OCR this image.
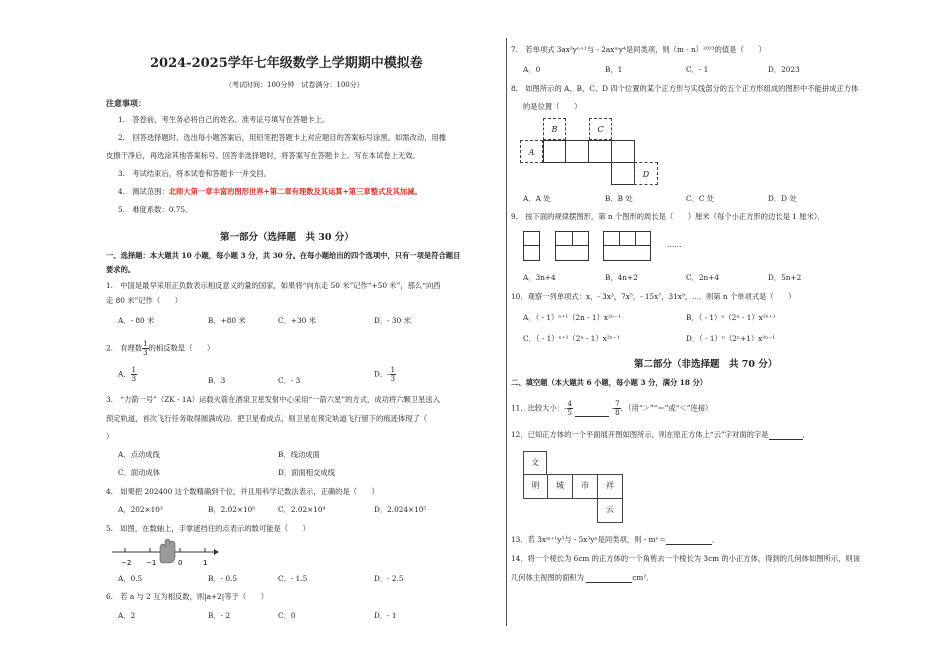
2024-2025学年七年级数学上学期期中模拟卷
（考试时间：100分钟　试卷满分：100分）
注意事项：
1.　答卷前，考生务必将自己的姓名、准考证号填写在答题卡上。
2.　回答选择题时，选出每小题答案后，用铅笔把答题卡上对应题目的答案标号涂黑。如需改动，用橡
皮擦干净后，再选涂其他答案标号。回答非选择题时，将答案写在答题卡上。写在本试卷上无效。
3.　考试结束后，将本试卷和答题卡一并交回。
4.　测试范围：北师大第一章丰富的图形世界+第二章有理数及其运算+第三章整式及其加减。
5.　难度系数：0.75。
第一部分（选择题　共 30 分）
一、选择题：本大题共 10 小题，每小题 3 分，共 30 分。在每小题给出的四个选项中，只有一项是符合题目
要求的。
1.　中国是最早采用正负数表示相反意义的量的国家，如果将“向东走 50 米”记作“+50 米”，那么“向西
走 80 米”记作（　　）
A．- 80 米	B．+80 米	C．+30 米	D．- 30 米
2.　有理数 $\frac{1}{3}$ 的相反数是（　　）
A． $\frac{1}{3}$	B．3	C．- 3
D．- $\frac{1}{3}$
3.　“力箭一号”（ZK - 1A）运载火箭在酒泉卫星发射中心采用“一箭六星”的方式，成功将六颗卫星送入
预定轨道，首次飞行任务取得圆满成功．把卫星看成点，则卫星在预定轨道飞行留下的痕迹体现了（
）
A．点动成线	B．线动成面
C．面动成体	D．面面相交成线
4.　如果把 202400 这个数精确到千位，并且用科学记数法表示，正确的是（　　）
A．202×10³	B．2.02×10⁵	C．2.02×10⁴	D．2.024×10⁵
5.　如图，在数轴上，手掌遮挡住的点表示的数可能是（　　）
−2 −1	0	1
A．0.5	B．- 0.5	C．- 1.5	D．- 2.5
6.　若 a 与 2 互为相反数，则|a+2|等于（　　）
A．2	B．- 2	C．0	D．- 1
7.　若单项式 3ax²yⁿ⁺¹与 - 2axᵐy⁴是同类项，则（m - n）²⁰²³的值是（　　）
A．0	B．1	C．- 1	D．2023
8.　如图所示的 A、B、C、D 四个位置的某个正方形与实线部分的五个正方形组成的图形中不能拼成正方体
的是位置（　　）
B	C
A
D
A．A 处	B．B 处	C．C 处	D．D 处
9.　按下面的规律摆图形，第 n 个图形的周长是（　　）厘米（每个小正方形的边长是 1 厘米）．
……
A．3n+4	B．4n+2	C．2n+4	D．5n+2
10．观察一列单项式：x，- 3x³，7x⁵，- 15x⁷，31x⁹，⋯．则第 n 个单项式是（　　）
A．（ - 1）ⁿ⁺¹（2n - 1）x²ⁿ⁻¹	B．（ - 1）ⁿ（2ⁿ - 1）x²ⁿ⁺¹
C．（ - 1）ⁿ⁺¹（2ⁿ - 1）x²ⁿ⁻¹	D．（ - 1）ⁿ（2ⁿ+1）x²ⁿ⁻¹
第二部分（非选择题　共 70 分）
二、填空题（本大题共 6 小题，每小题 3 分，满分 18 分）
11．比较大小：- $\frac{4}{5}$	- $\frac{7}{8}$ ．（用“＞”“＝”或“＜”连接）
12．已知正方体的一个平面展开图如图所示，则在原正方体上“云”字对面的字是	．
文
明	城	市	祥
云
13．若 3xᵐ⁺¹y³与 - 5x³yⁿ是同类项，则 - mⁿ＝	．
14．将一个棱长为 6cm 的正方体的一个角剪去一个棱长为 3cm 的小正方体，得到的几何体如图所示，则该
几何体主视图的面积为	cm²．
